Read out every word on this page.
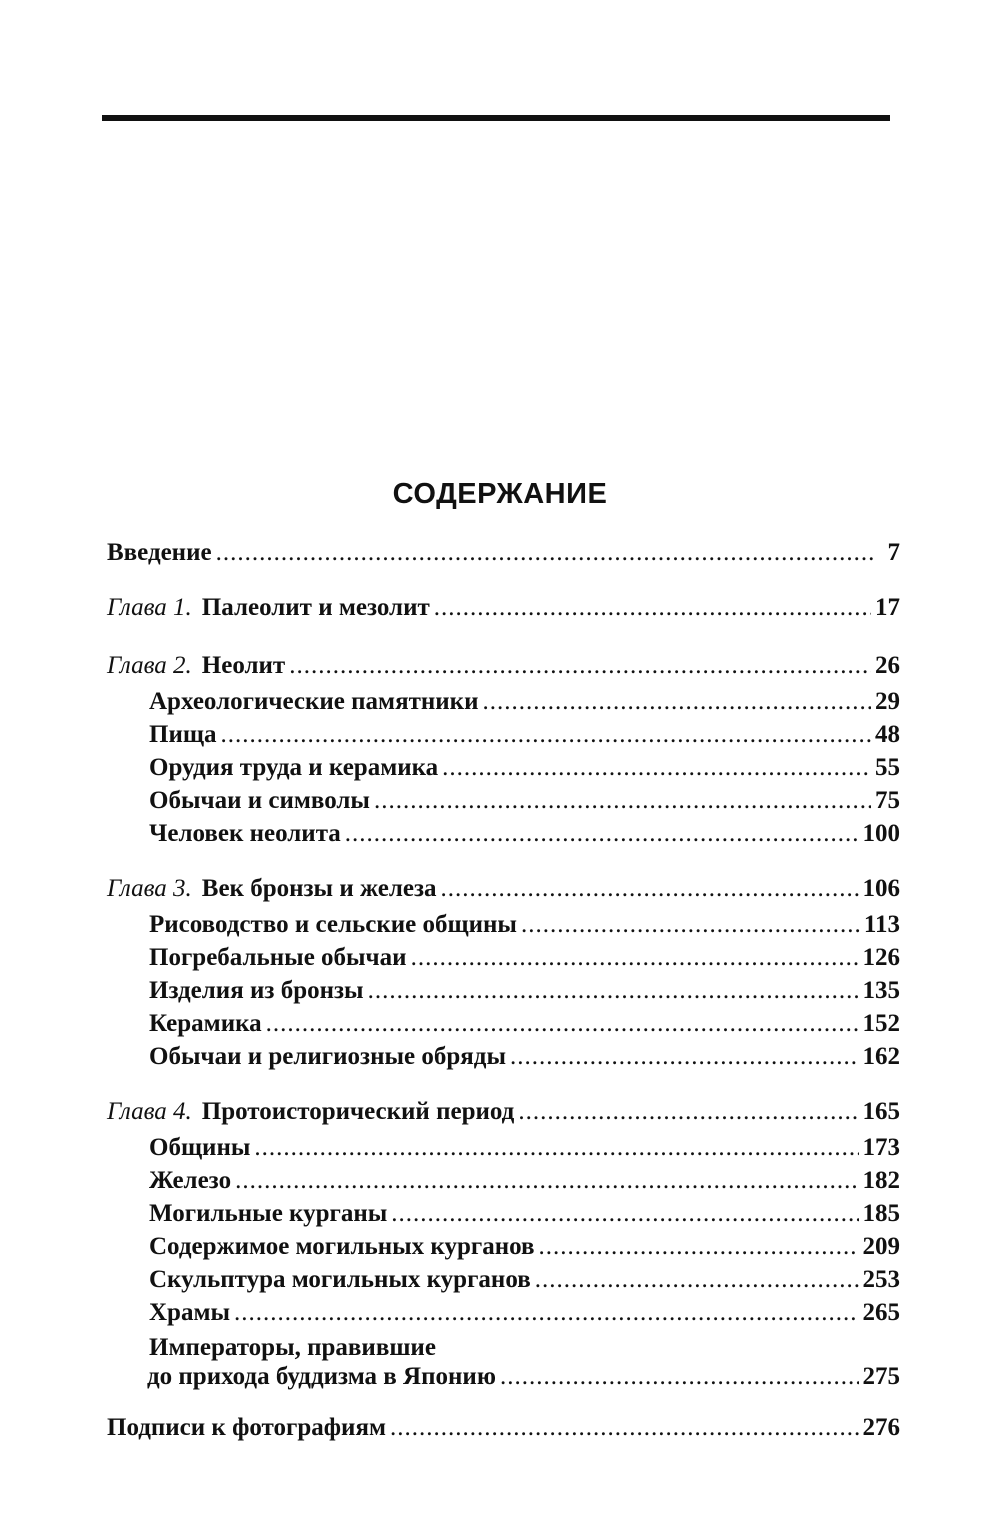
СОДЕРЖАНИЕ
Введение .....	7
Глава 1. Палеолит и мезолит .....	17
Глава 2. Неолит .....	26
Археологические памятники .....	29
Пища .....	48
Орудия труда и керамика .....	55
Обычаи и символы .....	75
Человек неолита .....	100
Глава 3. Век бронзы и железа .....	106
Рисоводство и сельские общины .....	113
Погребальные обычаи .....	126
Изделия из бронзы .....	135
Керамика .....	152
Обычаи и религиозные обряды .....	162
Глава 4. Протоисторический период .....	165
Общины .....	173
Железо .....	182
Могильные курганы .....	185
Содержимое могильных курганов .....	209
Скульптура могильных курганов .....	253
Храмы .....	265
Императоры, правившие
до прихода буддизма в Японию .....	275
Подписи к фотографиям .....	276
